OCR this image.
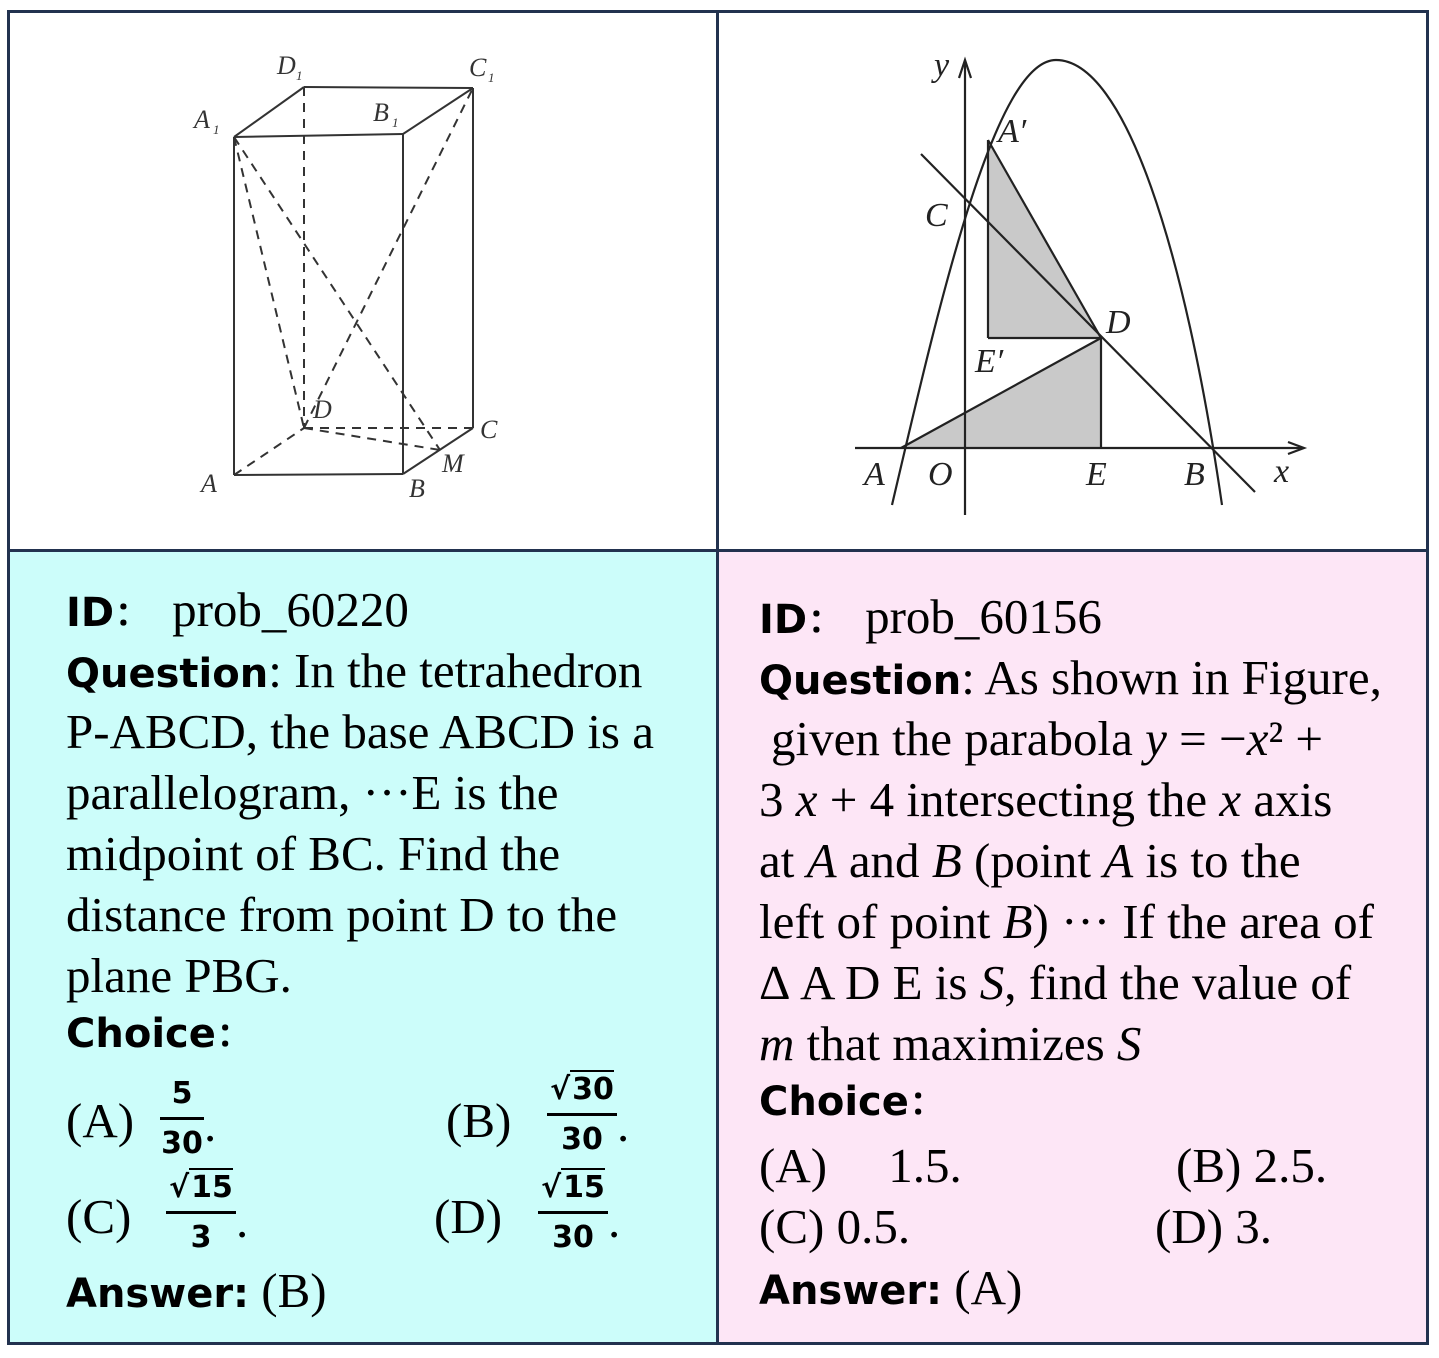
D 1	C 1
A 1
B 1
D
C
A	B
M
y
x
A′
C
D
E′
A O	E B
ID： prob_60220
Question: In the tetrahedron
P-ABCD, the base ABCD is a
parallelogram, ···E is the
midpoint of BC. Find the
distance from point D to the
plane PBG.
Choice：
$(A) \frac{5}{30}$ .	$(B) \frac{√30}{30}$ .
$(C) \frac{√15}{3}$ .	$(D) \frac{√15}{30}$ .
Answer: (B)
ID： prob_60156
Question: As shown in Figure,
given the parabola y = −x² +
3 x + 4 intersecting the x axis
at A and B (point A is to the
left of point B) ··· If the area of
Δ A D E is S, find the value of
m that maximizes S
Choice：
(A)  1.5.	(B) 2.5.
(C) 0.5.	(D) 3.
Answer: (A)
